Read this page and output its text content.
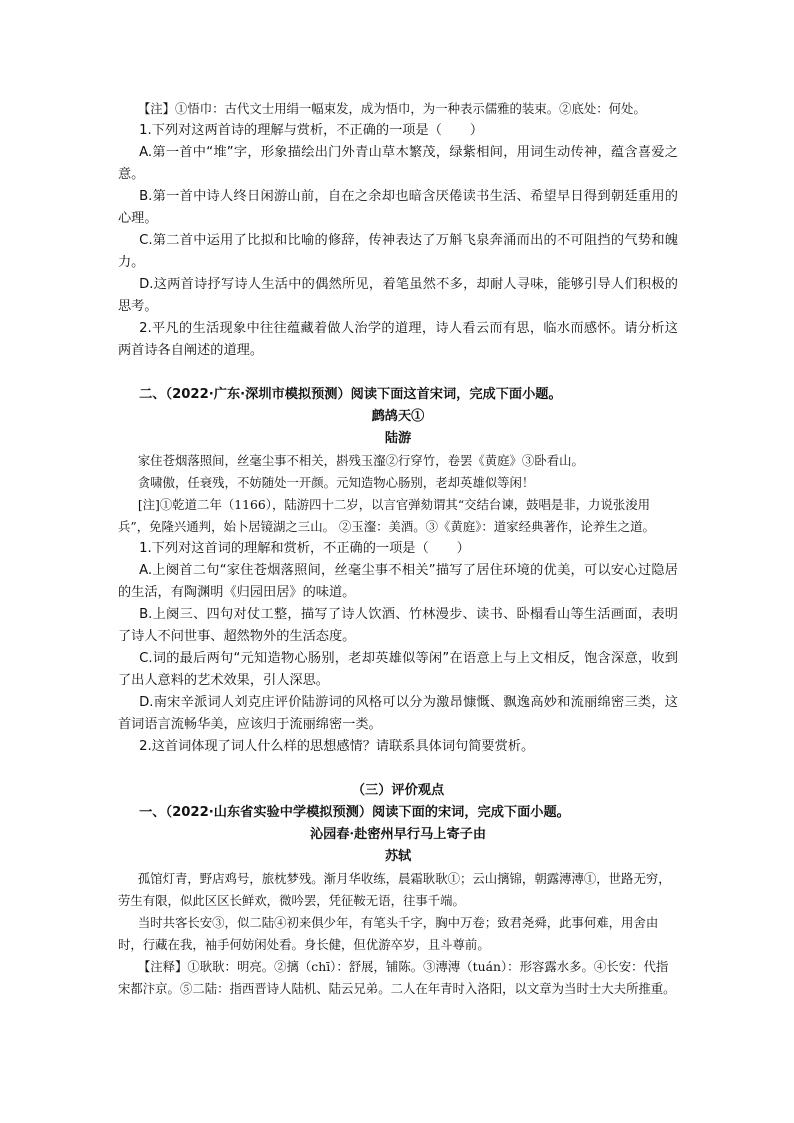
【注】①悟巾：古代文士用绢一幅束发，成为悟巾，为一种表示儒雅的装束。②底处：何处。

1.下列对这两首诗的理解与赏析，不正确的一项是（ ）

A.第一首中“堆”字，形象描绘出门外青山草木繁茂，绿紫相间，用词生动传神，蕴含喜爱之意。

B.第一首中诗人终日闲游山前，自在之余却也暗含厌倦读书生活、希望早日得到朝廷重用的心理。

C.第二首中运用了比拟和比喻的修辞，传神表达了万斛飞泉奔涌而出的不可阻挡的气势和魄力。

D.这两首诗抒写诗人生活中的偶然所见，着笔虽然不多，却耐人寻味，能够引导人们积极的思考。

2.平凡的生活现象中往往蕴藏着做人治学的道理，诗人看云而有思，临水而感怀。请分析这两首诗各自阐述的道理。

二、（2022·广东·深圳市模拟预测）阅读下面这首宋词，完成下面小题。

鹧鸪天①

陆游

家住苍烟落照间，丝毫尘事不相关，斟残玉瀣②行穿竹，卷罢《黄庭》③卧看山。

贪啸傲，任衰残，不妨随处一开颜。元知造物心肠别，老却英雄似等闲！

[注]①乾道二年（1166），陆游四十二岁，以言官弹劾谓其“交结台谏，鼓唱是非，力说张浚用兵”，免隆兴通判，始卜居镜湖之三山。 ②玉瀣：美酒。③《黄庭》：道家经典著作，论养生之道。

1.下列对这首词的理解和赏析，不正确的一项是（ ）

A.上阕首二句“家住苍烟落照间，丝毫尘事不相关”描写了居住环境的优美，可以安心过隐居的生活，有陶渊明《归园田居》的味道。

B.上阕三、四句对仗工整，描写了诗人饮酒、竹林漫步、读书、卧榻看山等生活画面，表明了诗人不问世事、超然物外的生活态度。

C.词的最后两句“元知造物心肠别，老却英雄似等闲”在语意上与上文相反，饱含深意，收到了出人意料的艺术效果，引人深思。

D.南宋辛派词人刘克庄评价陆游词的风格可以分为激昂慷慨、飘逸高妙和流丽绵密三类，这首词语言流畅华美，应该归于流丽绵密一类。

2.这首词体现了词人什么样的思想感情？请联系具体词句简要赏析。

（三）评价观点

一、（2022·山东省实验中学模拟预测）阅读下面的宋词，完成下面小题。

沁园春·赴密州早行马上寄子由

苏轼

孤馆灯青，野店鸡号，旅枕梦残。渐月华收练，晨霜耿耿①；云山摛锦，朝露漙漙①，世路无穷，劳生有限，似此区区长鲜欢，微吟罢，凭征鞍无语，往事千端。

当时共客长安③，似二陆④初来俱少年，有笔头千字，胸中万卷；致君尧舜，此事何难，用舍由时，行藏在我，袖手何妨闲处看。身长健，但优游卒岁，且斗尊前。

【注释】①耿耿：明亮。②摛（chī）：舒展，铺陈。③漙漙（tuán）：形容露水多。④长安：代指宋都汴京。⑤二陆：指西晋诗人陆机、陆云兄弟。二人在年青时入洛阳，以文章为当时士大夫所推重。
